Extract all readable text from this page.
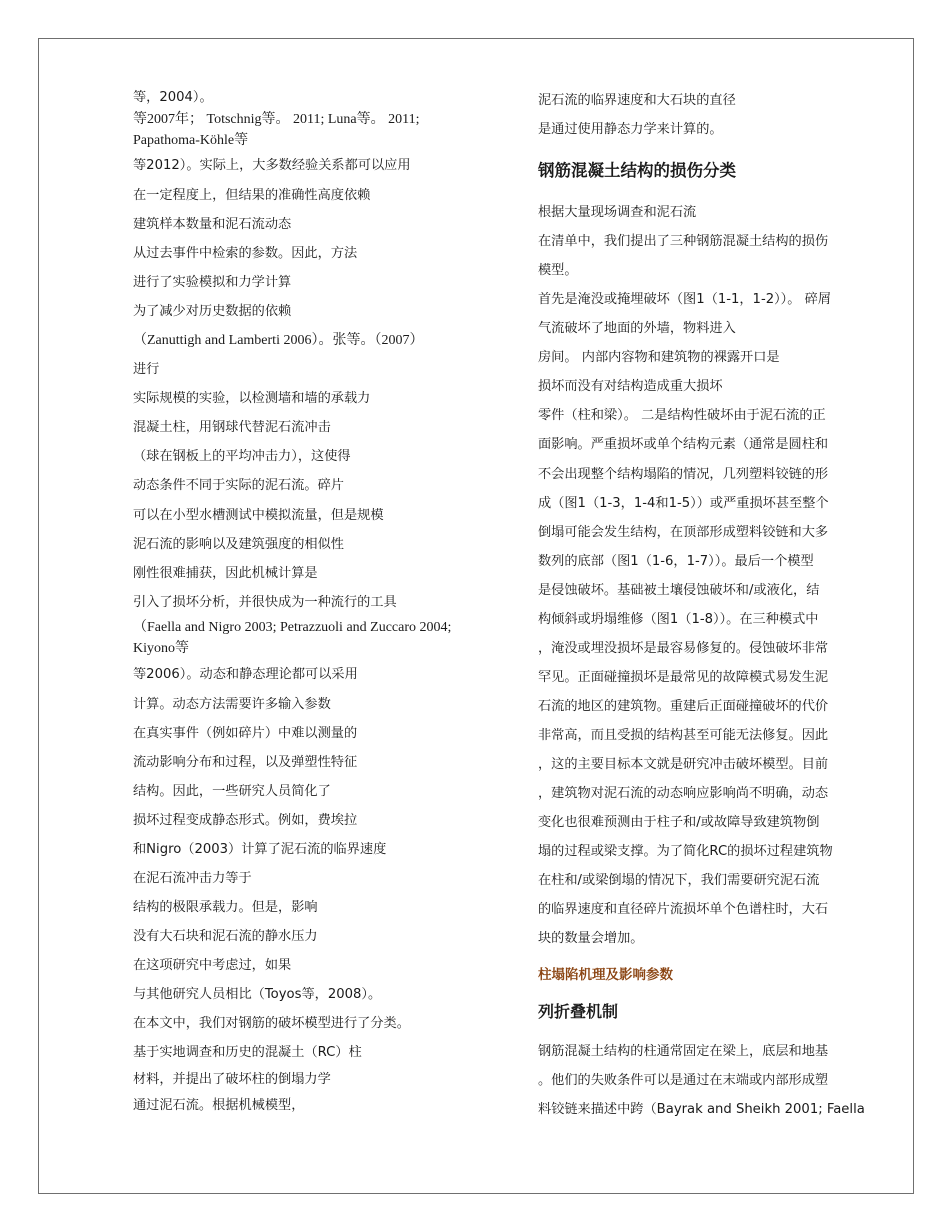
等，2004）。

等2007年； Totschnig等。 2011; Luna等。 2011; Papathoma-Köhle等

等2012）。实际上，大多数经验关系都可以应用

在一定程度上，但结果的准确性高度依赖

建筑样本数量和泥石流动态

从过去事件中检索的参数。因此，方法

进行了实验模拟和力学计算

为了减少对历史数据的依赖

（Zanuttigh and Lamberti 2006）。张等。（2007）

进行

实际规模的实验，以检测墙和墙的承载力

混凝土柱，用钢球代替泥石流冲击

（球在钢板上的平均冲击力），这使得

动态条件不同于实际的泥石流。碎片

可以在小型水槽测试中模拟流量，但是规模

泥石流的影响以及建筑强度的相似性

刚性很难捕获，因此机械计算是

引入了损坏分析，并很快成为一种流行的工具

（Faella and Nigro 2003; Petrazzuoli and Zuccaro 2004; Kiyono等

等2006）。动态和静态理论都可以采用

计算。动态方法需要许多输入参数

在真实事件（例如碎片）中难以测量的

流动影响分布和过程，以及弹塑性特征

结构。因此，一些研究人员简化了

损坏过程变成静态形式。例如，费埃拉

和Nigro（2003）计算了泥石流的临界速度

在泥石流冲击力等于

结构的极限承载力。但是，影响

没有大石块和泥石流的静水压力

在这项研究中考虑过，如果

与其他研究人员相比（Toyos等，2008）。

在本文中，我们对钢筋的破坏模型进行了分类。

基于实地调查和历史的混凝土（RC）柱

材料，并提出了破坏柱的倒塌力学

通过泥石流。根据机械模型，

泥石流的临界速度和大石块的直径

是通过使用静态力学来计算的。

钢筋混凝土结构的损伤分类

根据大量现场调查和泥石流

在清单中，我们提出了三种钢筋混凝土结构的损伤

模型。

首先是淹没或掩埋破坏（图1（1-1，1-2））。 碎屑

气流破坏了地面的外墙，物料进入

房间。 内部内容物和建筑物的裸露开口是

损坏而没有对结构造成重大损坏

零件（柱和梁）。 二是结构性破坏由于泥石流的正

面影响。严重损坏或单个结构元素（通常是圆柱和

不会出现整个结构塌陷的情况，几列塑料铰链的形

成（图1（1-3，1-4和1-5））或严重损坏甚至整个

倒塌可能会发生结构，在顶部形成塑料铰链和大多

数列的底部（图1（1-6，1-7））。最后一个模型

是侵蚀破坏。基础被土壤侵蚀破坏和/或液化，结

构倾斜或坍塌维修（图1（1-8））。在三种模式中

，淹没或埋没损坏是最容易修复的。侵蚀破坏非常

罕见。正面碰撞损坏是最常见的故障模式易发生泥

石流的地区的建筑物。重建后正面碰撞破坏的代价

非常高，而且受损的结构甚至可能无法修复。因此

，这的主要目标本文就是研究冲击破坏模型。目前

，建筑物对泥石流的动态响应影响尚不明确，动态

变化也很难预测由于柱子和/或故障导致建筑物倒

塌的过程或梁支撑。为了简化RC的损坏过程建筑物

在柱和/或梁倒塌的情况下，我们需要研究泥石流

的临界速度和直径碎片流损坏单个色谱柱时，大石

块的数量会增加。

柱塌陷机理及影响参数
列折叠机制

钢筋混凝土结构的柱通常固定在梁上，底层和地基

。他们的失败条件可以是通过在末端或内部形成塑

料铰链来描述中跨（Bayrak and Sheikh 2001; Faella
